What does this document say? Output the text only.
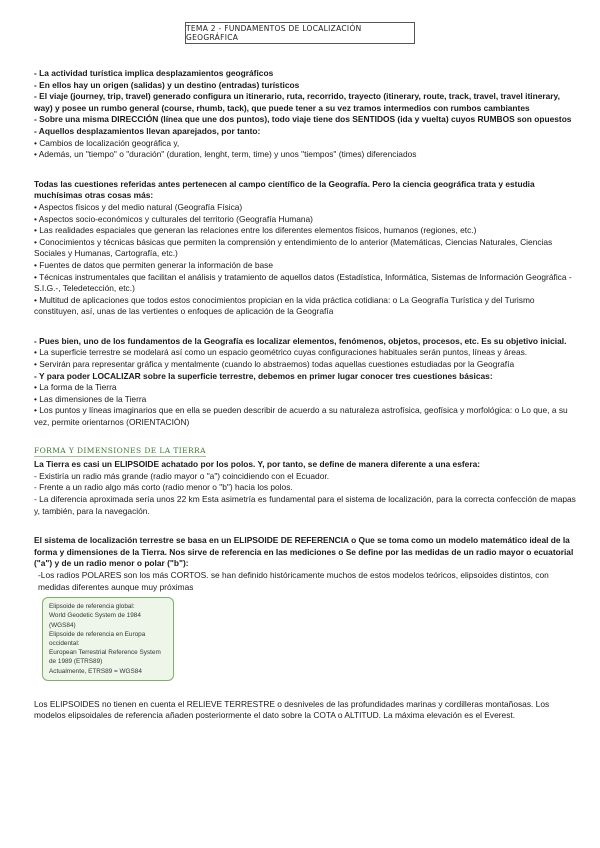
TEMA 2 - FUNDAMENTOS DE LOCALIZACIÓN GEOGRÁFICA

- La actividad turística implica desplazamientos geográficos

- En ellos hay un origen (salidas) y un destino (entradas) turísticos

- El viaje (journey, trip, travel) generado configura un itinerario, ruta, recorrido, trayecto (itinerary, route, track, travel, travel itinerary, way) y posee un rumbo general (course, rhumb, tack), que puede tener a su vez tramos intermedios con rumbos cambiantes

- Sobre una misma DIRECCIÓN (línea que une dos puntos), todo viaje tiene dos SENTIDOS (ida y vuelta) cuyos RUMBOS son opuestos

- Aquellos desplazamientos llevan aparejados, por tanto:

• Cambios de localización geográfica y,

• Además, un "tiempo" o "duración" (duration, lenght, term, time) y unos "tiempos" (times) diferenciados

Todas las cuestiones referidas antes pertenecen al campo científico de la Geografía. Pero la ciencia geográfica trata y estudia muchísimas otras cosas más:

• Aspectos físicos y del medio natural (Geografía Física)

• Aspectos socio-económicos y culturales del territorio (Geografía Humana)

• Las realidades espaciales que generan las relaciones entre los diferentes elementos físicos, humanos (regiones, etc.)

• Conocimientos y técnicas básicas que permiten la comprensión y entendimiento de lo anterior (Matemáticas, Ciencias Naturales, Ciencias Sociales y Humanas, Cartografía, etc.)

• Fuentes de datos que permiten generar la información de base

• Técnicas instrumentales que facilitan el análisis y tratamiento de aquellos datos (Estadística, Informática, Sistemas de Información Geográfica - S.I.G.-, Teledetección, etc.)

• Multitud de aplicaciones que todos estos conocimientos propician en la vida práctica cotidiana: o La Geografía Turística y del Turismo constituyen, así, unas de las vertientes o enfoques de aplicación de la Geografía

- Pues bien, uno de los fundamentos de la Geografía es localizar elementos, fenómenos, objetos, procesos, etc. Es su objetivo inicial.

• La superficie terrestre se modelará así como un espacio geométrico cuyas configuraciones habituales serán puntos, líneas y áreas.

• Servirán para representar gráfica y mentalmente (cuando lo abstraemos) todas aquellas cuestiones estudiadas por la Geografía

- Y para poder LOCALIZAR sobre la superficie terrestre, debemos en primer lugar conocer tres cuestiones básicas:

• La forma de la Tierra

• Las dimensiones de la Tierra

• Los puntos y líneas imaginarios que en ella se pueden describir de acuerdo a su naturaleza astrofísica, geofísica y morfológica: o Lo que, a su vez, permite orientarnos (ORIENTACIÓN)

FORMA Y DIMENSIONES DE LA TIERRA

La Tierra es casi un ELIPSOIDE achatado por los polos. Y, por tanto, se define de manera diferente a una esfera:

- Existiría un radio más grande (radio mayor o "a") coincidiendo con el Ecuador.

- Frente a un radio algo más corto (radio menor o "b") hacia los polos.

- La diferencia aproximada sería unos 22 km Esta asimetría es fundamental para el sistema de localización, para la correcta confección de mapas y, también, para la navegación.

El sistema de localización terrestre se basa en un ELIPSOIDE DE REFERENCIA o Que se toma como un modelo matemático ideal de la forma y dimensiones de la Tierra. Nos sirve de referencia en las mediciones o Se define por las medidas de un radio mayor o ecuatorial ("a") y de un radio menor o polar ("b"):

-Los radios POLARES son los más CORTOS. se han definido históricamente muchos de estos modelos teóricos, elipsoides distintos, con medidas diferentes aunque muy próximas

Elipsoide de referencia global:
World Geodetic System de 1984 (WGS84)
Elipsoide de referencia en Europa occidental:
European Terrestrial Reference System de 1989 (ETRS89)
Actualmente, ETRS89 = WGS84

Los ELIPSOIDES no tienen en cuenta el RELIEVE TERRESTRE o desniveles de las profundidades marinas y cordilleras montañosas. Los modelos elipsoidales de referencia añaden posteriormente el dato sobre la COTA o ALTITUD. La máxima elevación es el Everest.
